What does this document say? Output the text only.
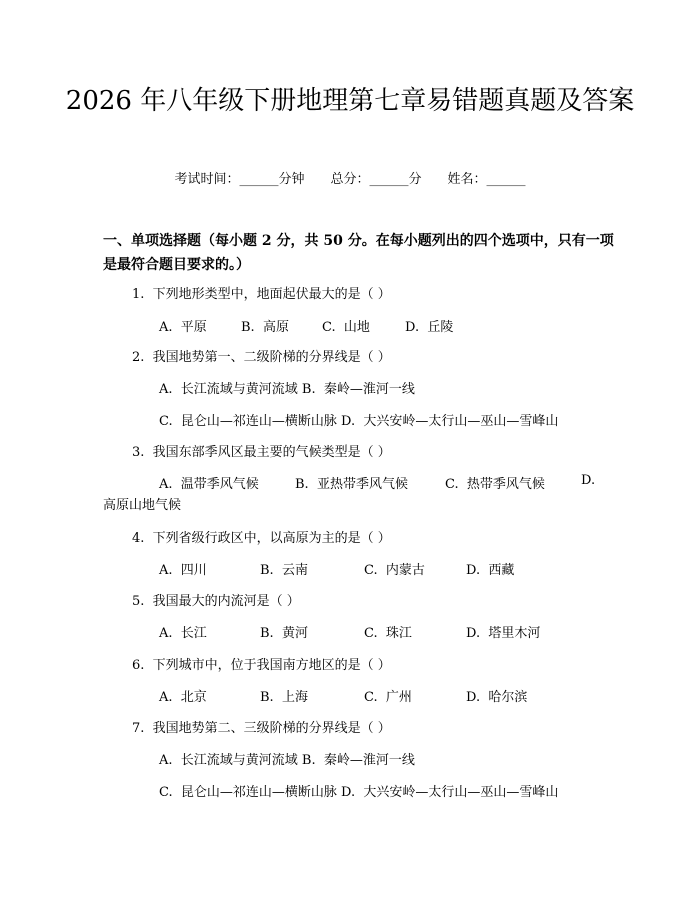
2026 年八年级下册地理第七章易错题真题及答案
考试时间：______分钟　　总分：______分　　姓名：______
一、单项选择题（每小题 2 分，共 50 分。在每小题列出的四个选项中，只有一项是最符合题目要求的。）
1.  下列地形类型中，地面起伏最大的是（ ）

A.  平原

	B.  高原

	C.  山地

	D.  丘陵

2.  我国地势第一、二级阶梯的分界线是（ ）
A.  长江流域与黄河流域 B.  秦岭—淮河一线
C.  昆仑山—祁连山—横断山脉 D.  大兴安岭—太行山—巫山—雪峰山
3.  我国东部季风区最主要的气候类型是（ ）

A.  温带季风气候

	B.  亚热带季风气候

	C.  热带季风气候

	D.

高原山地气候
4.  下列省级行政区中，以高原为主的是（ ）

A.  四川

	B.  云南

	C.  内蒙古

	D.  西藏

5.  我国最大的内流河是（ ）

A.  长江

	B.  黄河

	C.  珠江

	D.  塔里木河

6.  下列城市中，位于我国南方地区的是（ ）

A.  北京

	B.  上海

	C.  广州

	D.  哈尔滨

7.  我国地势第二、三级阶梯的分界线是（ ）
A.  长江流域与黄河流域 B.  秦岭—淮河一线
C.  昆仑山—祁连山—横断山脉 D.  大兴安岭—太行山—巫山—雪峰山
